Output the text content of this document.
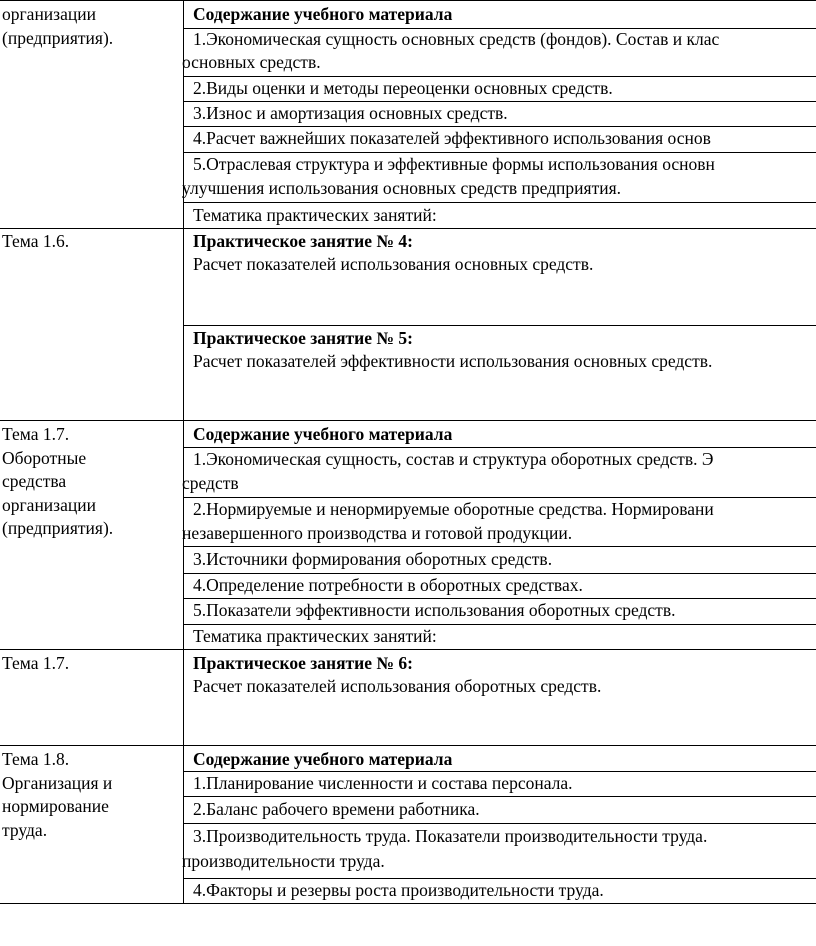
организации
(предприятия).
Содержание учебного материала
1.Экономическая сущность основных средств (фондов). Состав и клас
основных средств.
2.Виды оценки и методы переоценки основных средств.
3.Износ и амортизация основных средств.
4.Расчет важнейших показателей эффективного использования основ
5.Отраслевая структура и эффективные формы использования основн
улучшения использования основных средств предприятия.
Тематика практических занятий:
Тема 1.6.	Практическое занятие № 4:
Расчет показателей использования основных средств.
Практическое занятие № 5:
Расчет показателей эффективности использования основных средств.
Тема 1.7.
Оборотные
средства
организации
(предприятия).
Содержание учебного материала
1.Экономическая сущность, состав и структура оборотных средств. Э
средств
2.Нормируемые и ненормируемые оборотные средства. Нормировани
незавершенного производства и готовой продукции.
3.Источники формирования оборотных средств.
4.Определение потребности в оборотных средствах.
5.Показатели эффективности использования оборотных средств.
Тематика практических занятий:
Тема 1.7.	Практическое занятие № 6:
Расчет показателей использования оборотных средств.
Тема 1.8.
Организация и
нормирование
труда.
Содержание учебного материала
1.Планирование численности и состава персонала.
2.Баланс рабочего времени работника.
3.Производительность труда. Показатели производительности труда.
производительности труда.
4.Факторы и резервы роста производительности труда.
